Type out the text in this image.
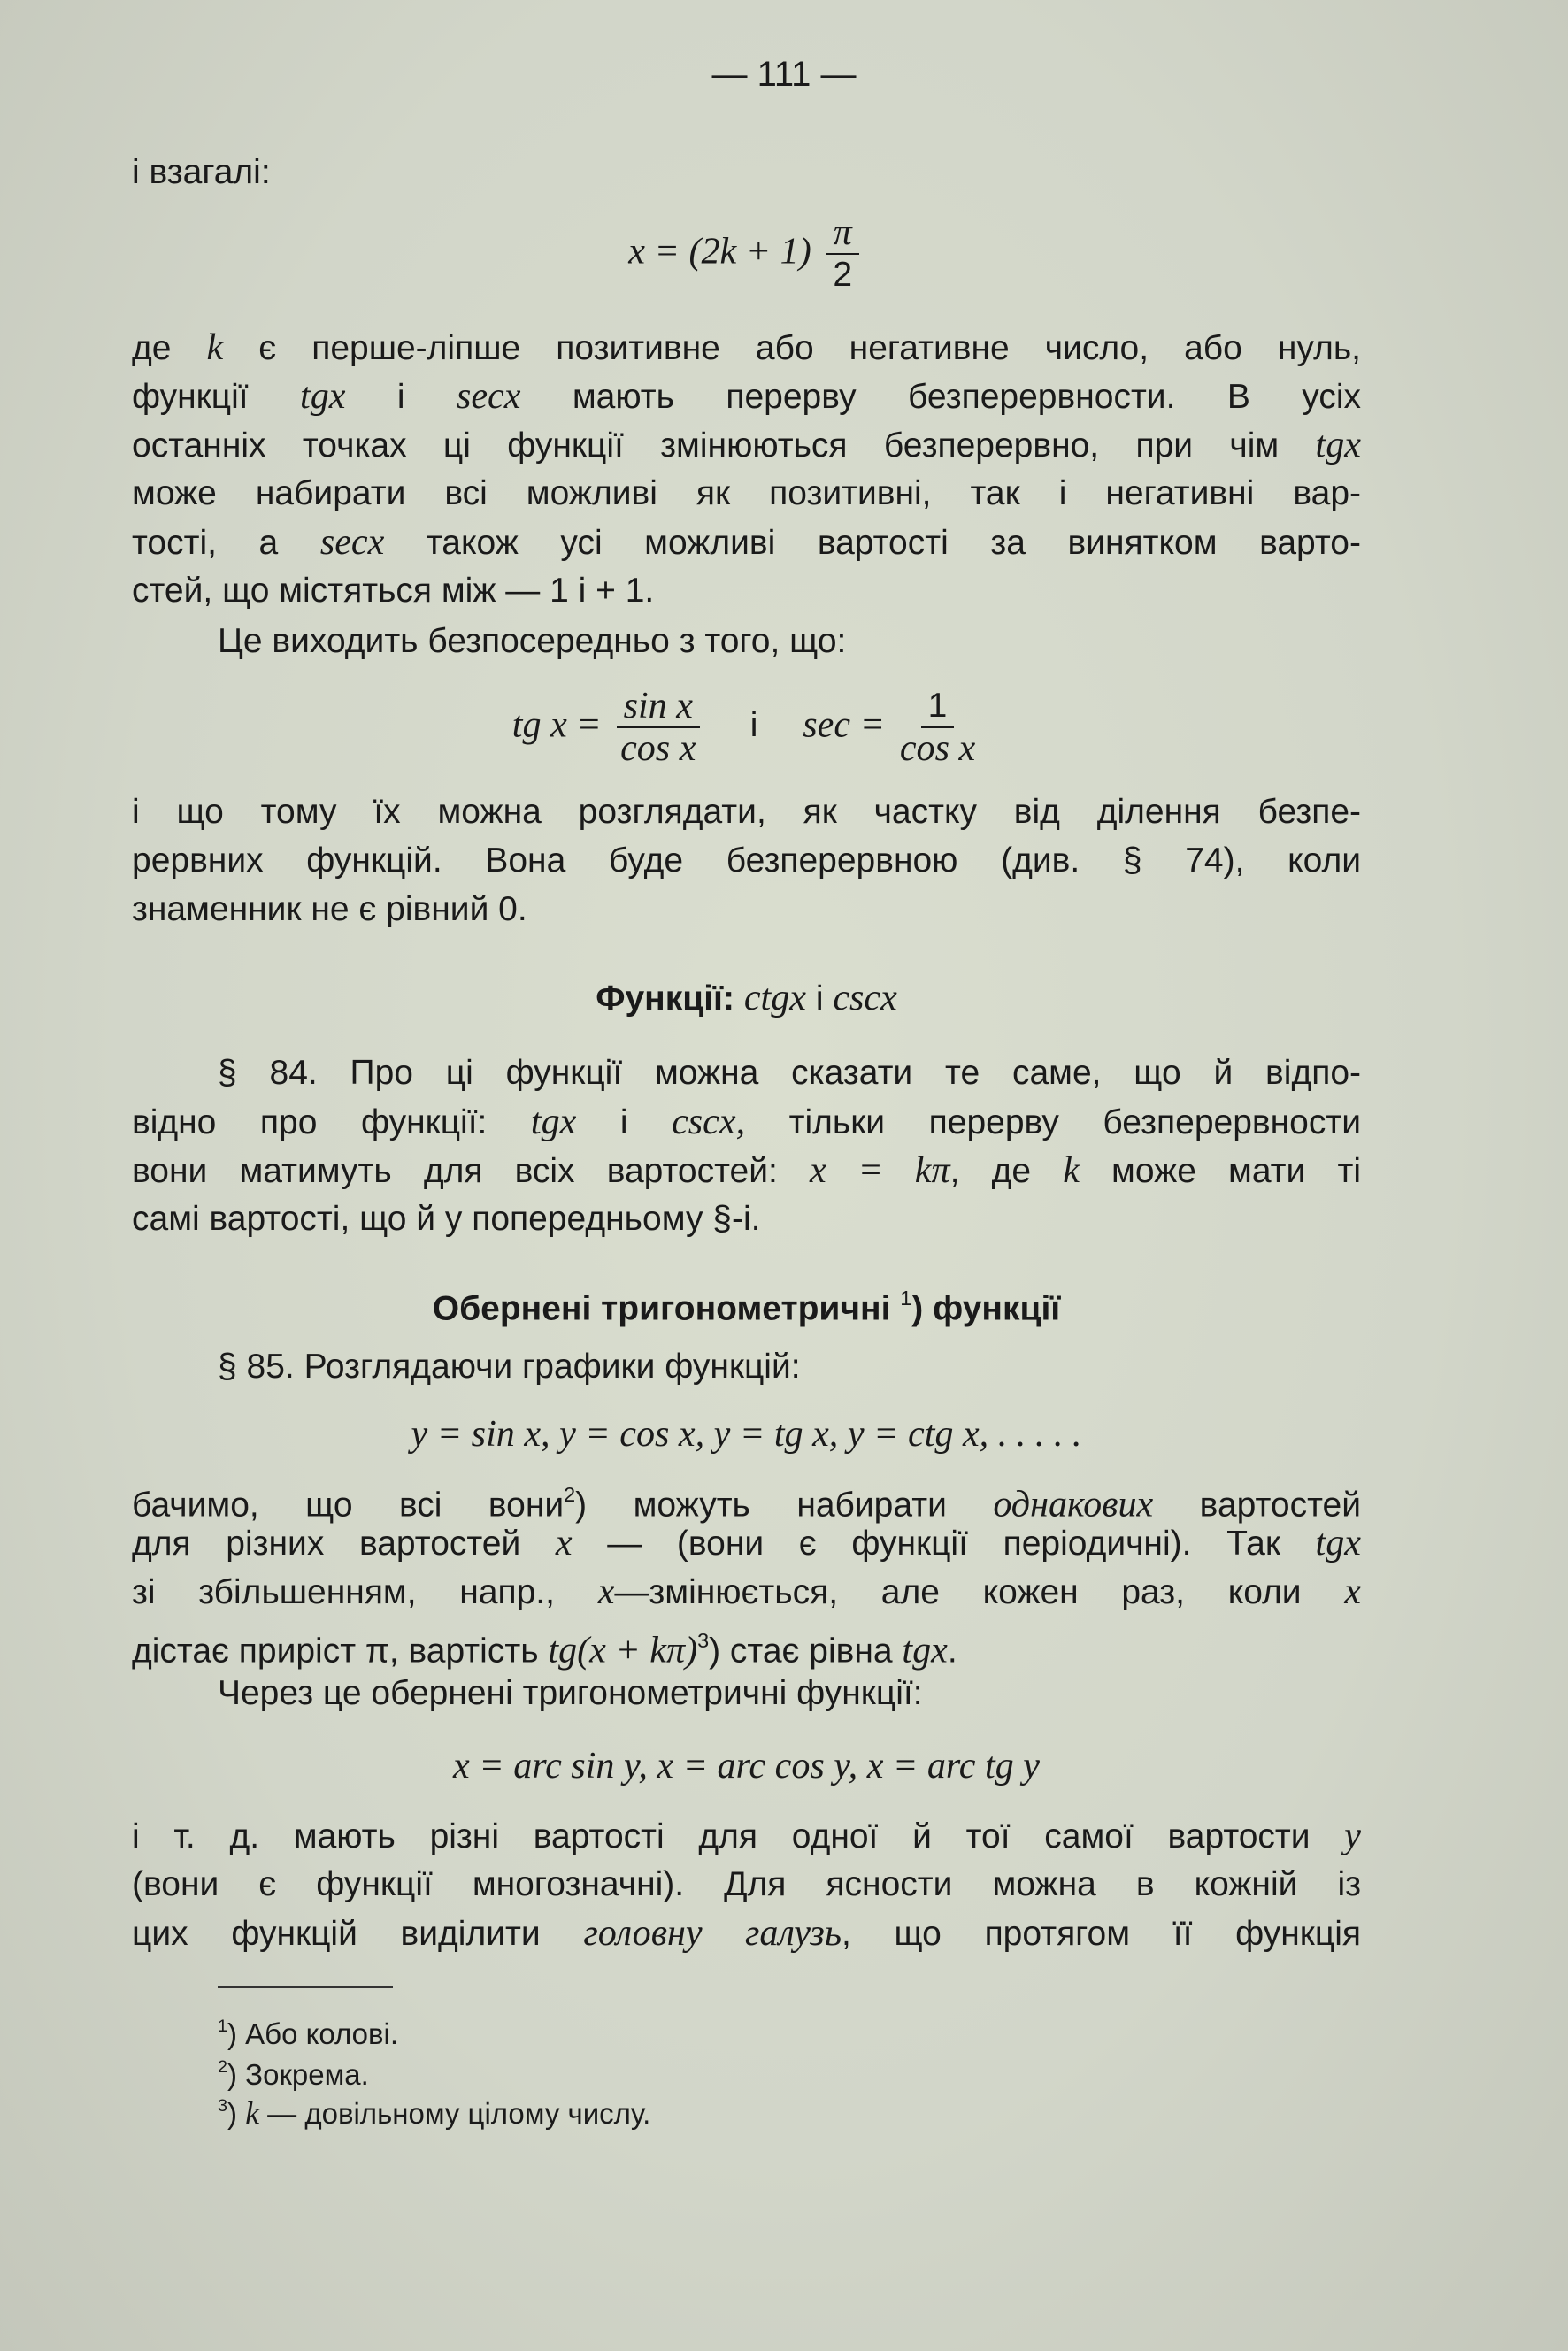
— 111 —
і взагалі:
$x = (2k + 1) \frac{\pi}{2}$
де k є перше-ліпше позитивне або негативне число, або нуль,
функції tgx і secx мають перерву безперервности. В усіх
останніх точках ці функції змінюються безперервно, при чім tgx
може набирати всі можливі як позитивні, так і негативні вар-
тості, а secx також усі можливі вартості за винятком варто-
стей, що містяться між — 1 і + 1.
Це виходить безпосередньо з того, що:
tg $x = \frac{\text{sin x}}{\text{cos x}}$ і $\sec = \frac{1}{\text{cos x}}$
і що тому їх можна розглядати, як частку від ділення безпе-
рервних функцій. Вона буде безперервною (див. § 74), коли
знаменник не є рівний 0.
Функції: ctgx і cscx
§ 84. Про ці функції можна сказати те саме, що й відпо-
відно про функції: tgx і cscx, тільки перерву безперервности
вони матимуть для всіх вартостей: x = kπ, де k може мати ті
самі вартості, що й у попередньому §-і.
Обернені тригонометричні $^1$) функції
§ 85. Розглядаючи графики функцій:
y = sin x, y = cos x, y = tg x, y = ctg x, . . . . .
бачимо, що всі вони$^2$) можуть набирати однакових вартостей
для різних вартостей x — (вони є функції періодичні). Так tgx
зі збільшенням, напр., x—змінюється, але кожен раз, коли x
дістає приріст π, вартість $tg(x + k\pi)^3$) стає рівна tgx.
Через це обернені тригонометричні функції:
x = arc sin y, x = arc cos y, x = arc tg y
і т. д. мають різні вартості для одної й тої самої вартости y
(вони є функції многозначні). Для ясности можна в кожній із
цих функцій виділити головну галузь, що протягом її функція
$^1$) Або колові.
$^2$) Зокрема.
$^3$) k — довільному цілому числу.
